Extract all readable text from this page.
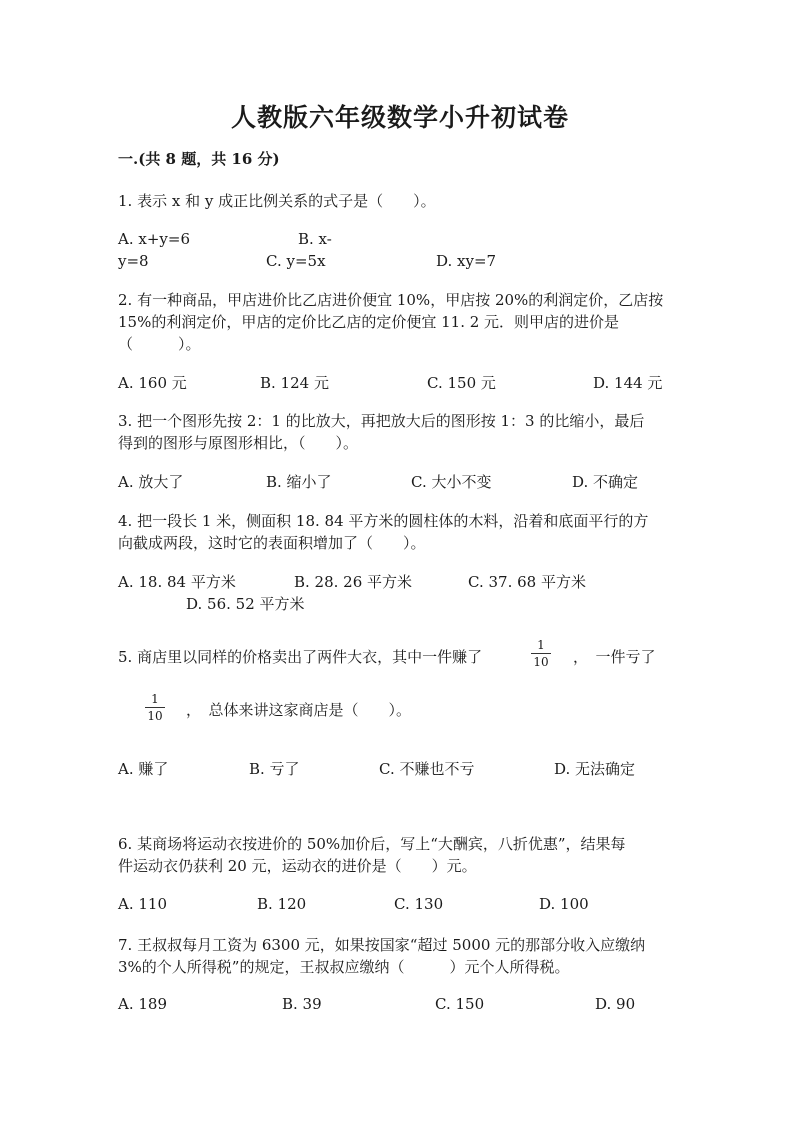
人教版六年级数学小升初试卷
一.(共 8 题，共 16 分)
1. 表示 x 和 y 成正比例关系的式子是（　　）。
A. x+y=6	B. x-
y=8	C. y=5x	D. xy=7
2. 有一种商品，甲店进价比乙店进价便宜 10%，甲店按 20%的利润定价，乙店按
15%的利润定价，甲店的定价比乙店的定价便宜 11. 2 元．则甲店的进价是
（　　　）。
A. 160 元	B. 124 元	C. 150 元	D. 144 元
3. 把一个图形先按 2：1 的比放大，再把放大后的图形按 1：3 的比缩小，最后
得到的图形与原图形相比，（　　）。
A. 放大了	B. 缩小了	C. 大小不变	D. 不确定
4. 把一段长 1 米，侧面积 18. 84 平方米的圆柱体的木料，沿着和底面平行的方
向截成两段，这时它的表面积增加了（　　）。
A. 18. 84 平方米	B. 28. 26 平方米	C. 37. 68 平方米
D. 56. 52 平方米
5. 商店里以同样的价格卖出了两件大衣，其中一件赚了
1
10 ，　一件亏了
1
10 ，　总体来讲这家商店是（　　）。
A. 赚了	B. 亏了	C. 不赚也不亏	D. 无法确定
6. 某商场将运动衣按进价的 50%加价后，写上“大酬宾，八折优惠”，结果每
件运动衣仍获利 20 元，运动衣的进价是（　　）元。
A. 110	B. 120	C. 130	D. 100
7. 王叔叔每月工资为 6300 元，如果按国家“超过 5000 元的那部分收入应缴纳
3%的个人所得税”的规定，王叔叔应缴纳（　　　）元个人所得税。
A. 189	B. 39	C. 150	D. 90
